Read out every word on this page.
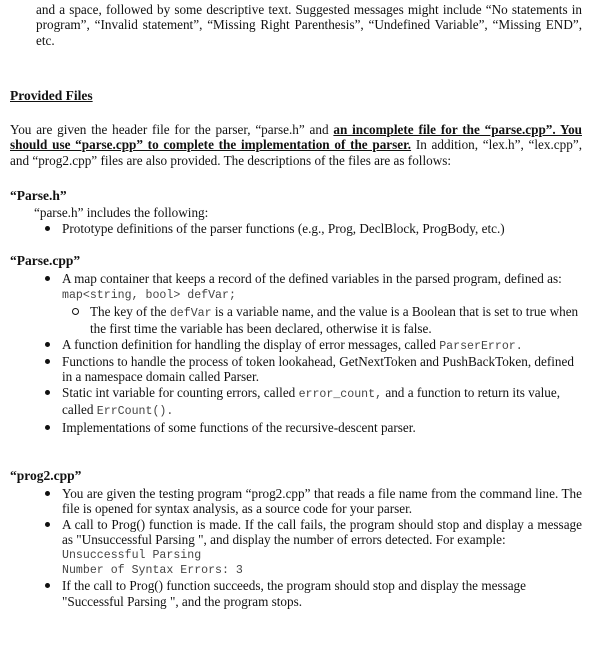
and a space, followed by some descriptive text. Suggested messages might include “No statements in program”, “Invalid statement”, “Missing Right Parenthesis”, “Undefined Variable”, “Missing END”, etc.
Provided Files
You are given the header file for the parser, “parse.h” and an incomplete file for the “parse.cpp”. You should use “parse.cpp” to complete the implementation of the parser. In addition, “lex.h”, “lex.cpp”, and “prog2.cpp” files are also provided. The descriptions of the files are as follows:
“Parse.h”
“parse.h” includes the following:
Prototype definitions of the parser functions (e.g., Prog, DeclBlock, ProgBody, etc.)
“Parse.cpp”
A map container that keeps a record of the defined variables in the parsed program, defined as: map<string, bool> defVar;
The key of the defVar is a variable name, and the value is a Boolean that is set to true when the first time the variable has been declared, otherwise it is false.
A function definition for handling the display of error messages, called ParserError.
Functions to handle the process of token lookahead, GetNextToken and PushBackToken, defined in a namespace domain called Parser.
Static int variable for counting errors, called error_count, and a function to return its value, called ErrCount().
Implementations of some functions of the recursive-descent parser.
“prog2.cpp”
You are given the testing program “prog2.cpp” that reads a file name from the command line. The file is opened for syntax analysis, as a source code for your parser.
A call to Prog() function is made. If the call fails, the program should stop and display a message as "Unsuccessful Parsing ", and display the number of errors detected. For example:
Unsuccessful Parsing
Number of Syntax Errors: 3
If the call to Prog() function succeeds, the program should stop and display the message "Successful Parsing ", and the program stops.
